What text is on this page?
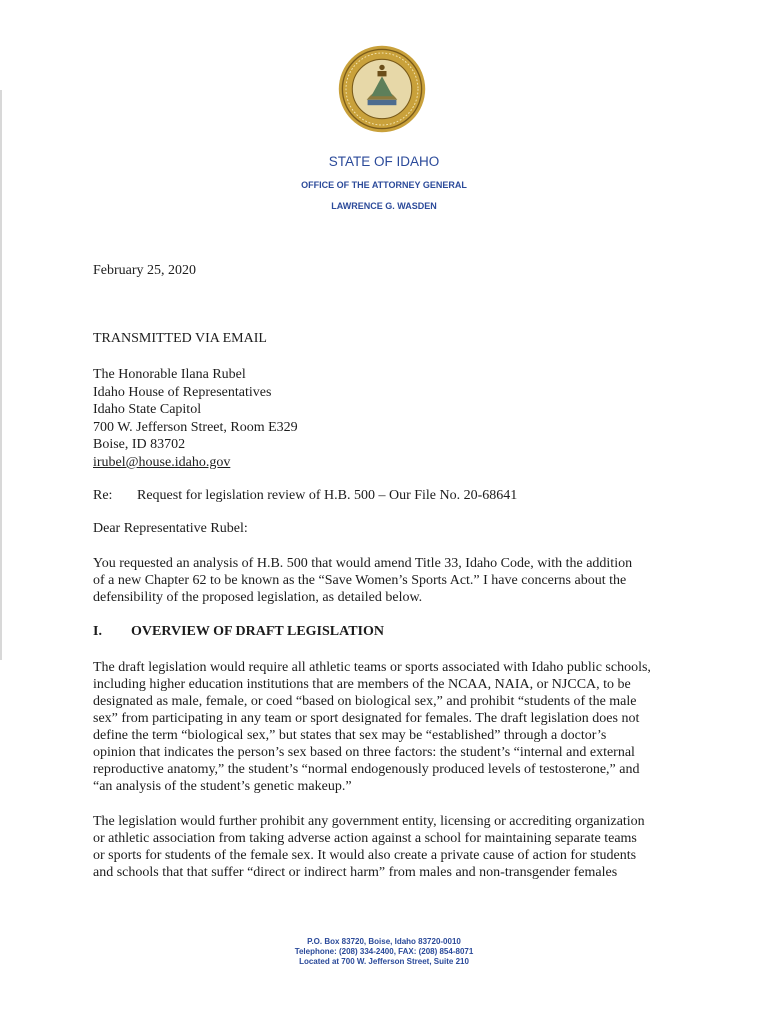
STATE OF IDAHO
OFFICE OF THE ATTORNEY GENERAL
LAWRENCE G. WASDEN
February 25, 2020
TRANSMITTED VIA EMAIL
The Honorable Ilana Rubel
Idaho House of Representatives
Idaho State Capitol
700 W. Jefferson Street, Room E329
Boise, ID 83702
irubel@house.idaho.gov
Re: Request for legislation review of H.B. 500 – Our File No. 20-68641
Dear Representative Rubel:
You requested an analysis of H.B. 500 that would amend Title 33, Idaho Code, with the addition
of a new Chapter 62 to be known as the “Save Women’s Sports Act.” I have concerns about the
defensibility of the proposed legislation, as detailed below.
I. OVERVIEW OF DRAFT LEGISLATION
The draft legislation would require all athletic teams or sports associated with Idaho public schools,
including higher education institutions that are members of the NCAA, NAIA, or NJCCA, to be
designated as male, female, or coed “based on biological sex,” and prohibit “students of the male
sex” from participating in any team or sport designated for females. The draft legislation does not
define the term “biological sex,” but states that sex may be “established” through a doctor’s
opinion that indicates the person’s sex based on three factors: the student’s “internal and external
reproductive anatomy,” the student’s “normal endogenously produced levels of testosterone,” and
“an analysis of the student’s genetic makeup.”
The legislation would further prohibit any government entity, licensing or accrediting organization
or athletic association from taking adverse action against a school for maintaining separate teams
or sports for students of the female sex. It would also create a private cause of action for students
and schools that that suffer “direct or indirect harm” from males and non-transgender females
P.O. Box 83720, Boise, Idaho 83720-0010
Telephone: (208) 334-2400, FAX: (208) 854-8071
Located at 700 W. Jefferson Street, Suite 210
